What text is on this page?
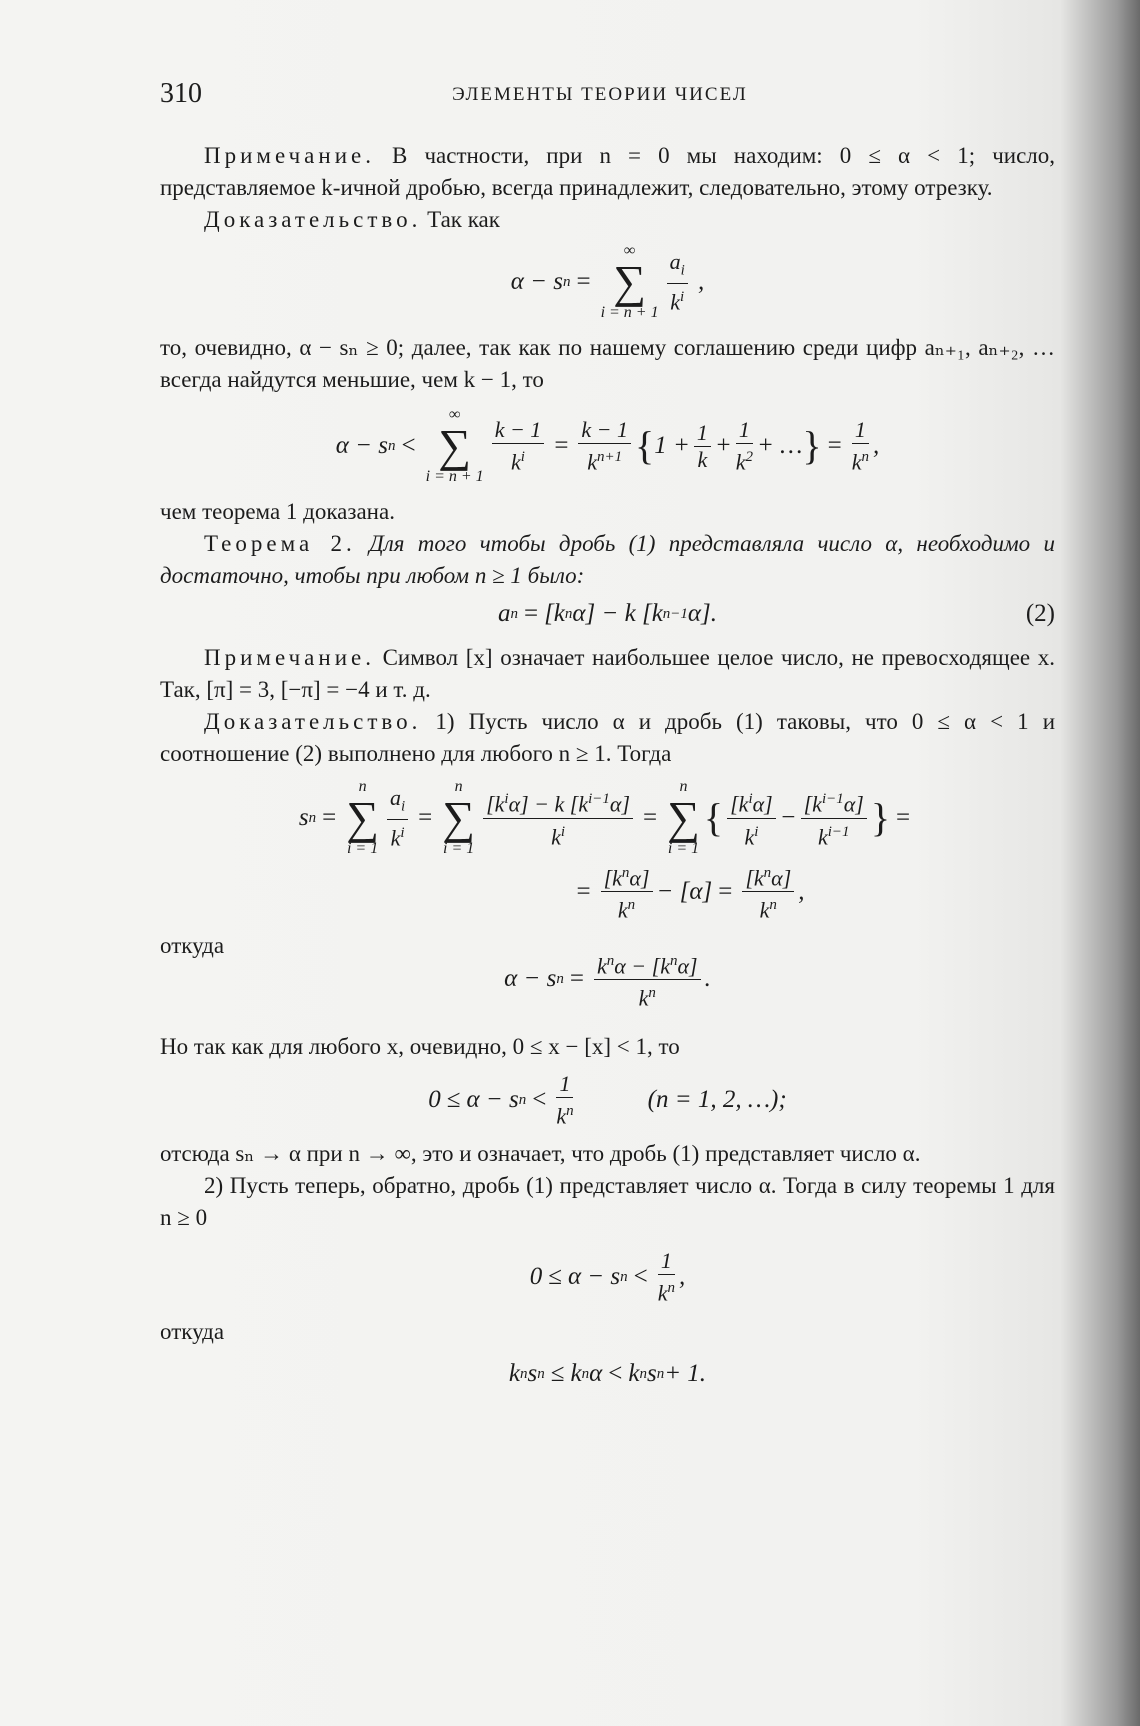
310	ЭЛЕМЕНТЫ ТЕОРИИ ЧИСЕЛ

Примечание. В частности, при n = 0 мы находим: 0 ≤ α < 1; число, представляемое k-ичной дробью, всегда принадлежит, следовательно, этому отрезку.

Доказательство. Так как

α − s n =
∞
∑
$i = n + 1 \frac{a_i}{k^i}$ ,

то, очевидно, α − sₙ ≥ 0; далее, так как по нашему соглашению среди цифр aₙ₊₁, aₙ₊₂, … всегда найдутся меньшие, чем k − 1, то

α − s n <
∞
∑
i = n + 1
$\frac{k - 1}{k^i} = \frac{k - 1}{k^{n+1}}$ { $1 + \frac{1}{k} + \frac{1}{k^2}$ + … } = $\frac{1}{k^n}$ ,

чем теорема 1 доказана.

Теорема 2. Для того чтобы дробь (1) представляла число α, необходимо и достаточно, чтобы при любом n ≥ 1 было:

a n = [k n α] − k [k n−1 α].	(2)

Примечание. Символ [x] означает наибольшее целое число, не превосходящее x. Так, [π] = 3, [−π] = −4 и т. д.

Доказательство. 1) Пусть число α и дробь (1) таковы, что 0 ≤ α < 1 и соотношение (2) выполнено для любого n ≥ 1. Тогда

s n =
n
∑
$i = 1 \frac{a_i}{k^i}$ =
n
∑
$i = 1 \frac{[k^i\alpha] - k [k^{i-1}\alpha]}{k^i}$ =
n
∑
i = 1
{ $\frac{[k^i\alpha]}{k^i} - \frac{[k^{i-1}\alpha]}{k^{i-1}}$ } =
= $\frac{[k^n\alpha]}{k^n} - [\alpha] = \frac{[k^n\alpha]}{k^n}$ ,

откуда

α − s $n = \frac{k^n\alpha - [k^n\alpha]}{k^n}$ .

Но так как для любого x, очевидно, 0 ≤ x − [x] < 1, то

0 ≤ α − s $n < \frac{1}{k^n}$	(n = 1, 2, …);

отсюда sₙ → α при n → ∞, это и означает, что дробь (1) представляет число α.

2) Пусть теперь, обратно, дробь (1) представляет число α. Тогда в силу теоремы 1 для n ≥ 0

0 ≤ α − s $n < \frac{1}{k^n}$ ,

откуда

k n s n ≤ k n α < k n s n + 1.
